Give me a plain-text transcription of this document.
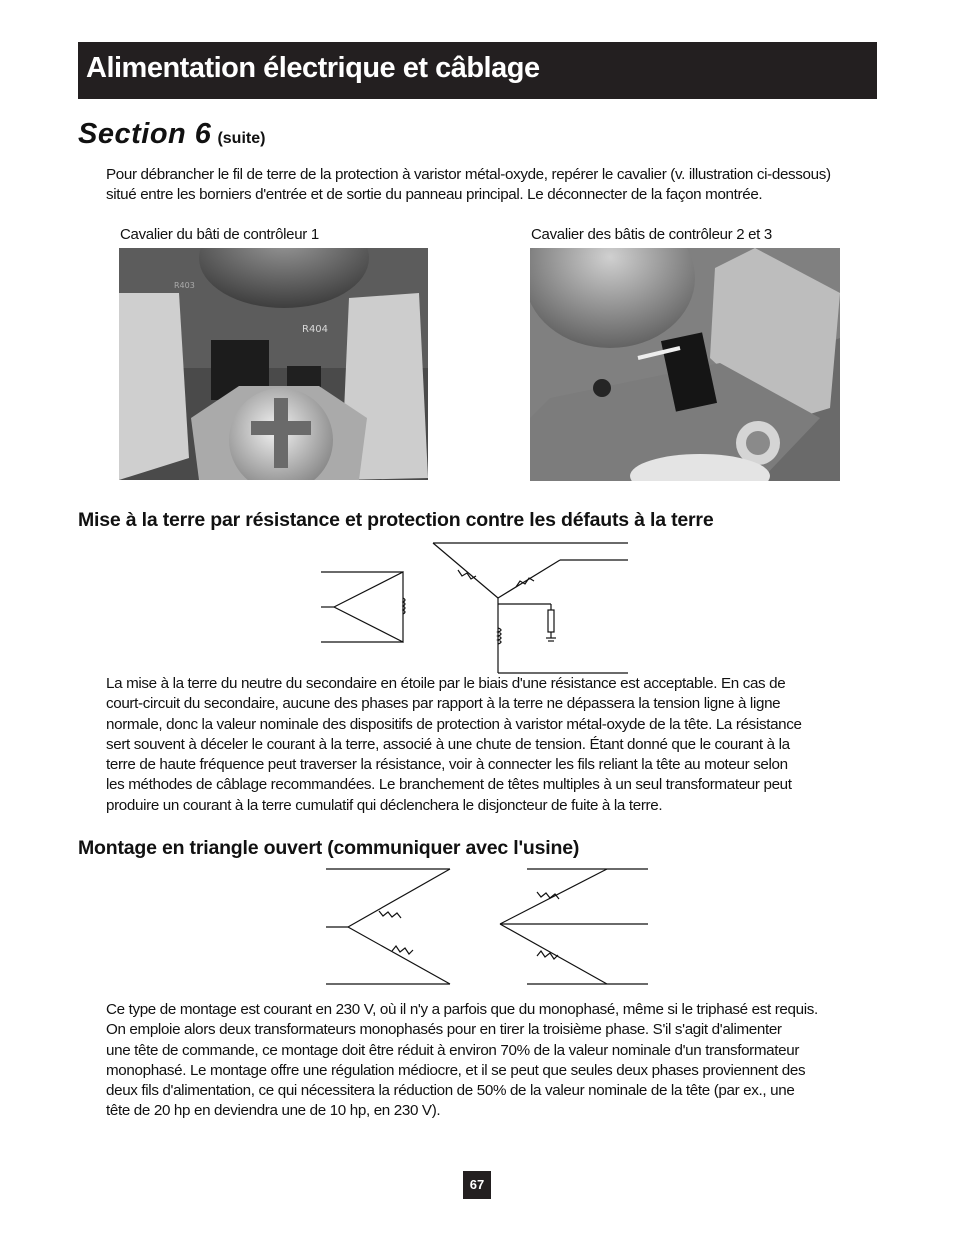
Alimentation électrique et câblage
Section 6 (suite)

Pour débrancher le fil de terre de la protection à varistor métal-oxyde, repérer le cavalier (v. illustration ci-dessous)
situé entre les borniers d'entrée et de sortie du panneau principal. Le déconnecter de la façon montrée.

Cavalier du bâti de contrôleur 1	Cavalier des bâtis de contrôleur 2 et 3
R404
R403
Mise à la terre par résistance et protection contre les défauts à la terre

La mise à la terre du neutre du secondaire en étoile par le biais d'une résistance est acceptable. En cas de
court-circuit du secondaire, aucune des phases par rapport à la terre ne dépassera la tension ligne à ligne
normale, donc la valeur nominale des dispositifs de protection à varistor métal-oxyde de la tête. La résistance
sert souvent à déceler le courant à la terre, associé à une chute de tension. Étant donné que le courant à la
terre de haute fréquence peut traverser la résistance, voir à connecter les fils reliant la tête au moteur selon
les méthodes de câblage recommandées. Le branchement de têtes multiples à un seul transformateur peut
produire un courant à la terre cumulatif qui déclenchera le disjoncteur de fuite à la terre.

Montage en triangle ouvert (communiquer avec l'usine)

Ce type de montage est courant en 230 V, où il n'y a parfois que du monophasé, même si le triphasé est requis.
On emploie alors deux transformateurs monophasés pour en tirer la troisième phase. S'il s'agit d'alimenter
une tête de commande, ce montage doit être réduit à environ 70% de la valeur nominale d'un transformateur
monophasé. Le montage offre une régulation médiocre, et il se peut que seules deux phases proviennent des
deux fils d'alimentation, ce qui nécessitera la réduction de 50% de la valeur nominale de la tête (par ex., une
tête de 20 hp en deviendra une de 10 hp, en 230 V).

67
